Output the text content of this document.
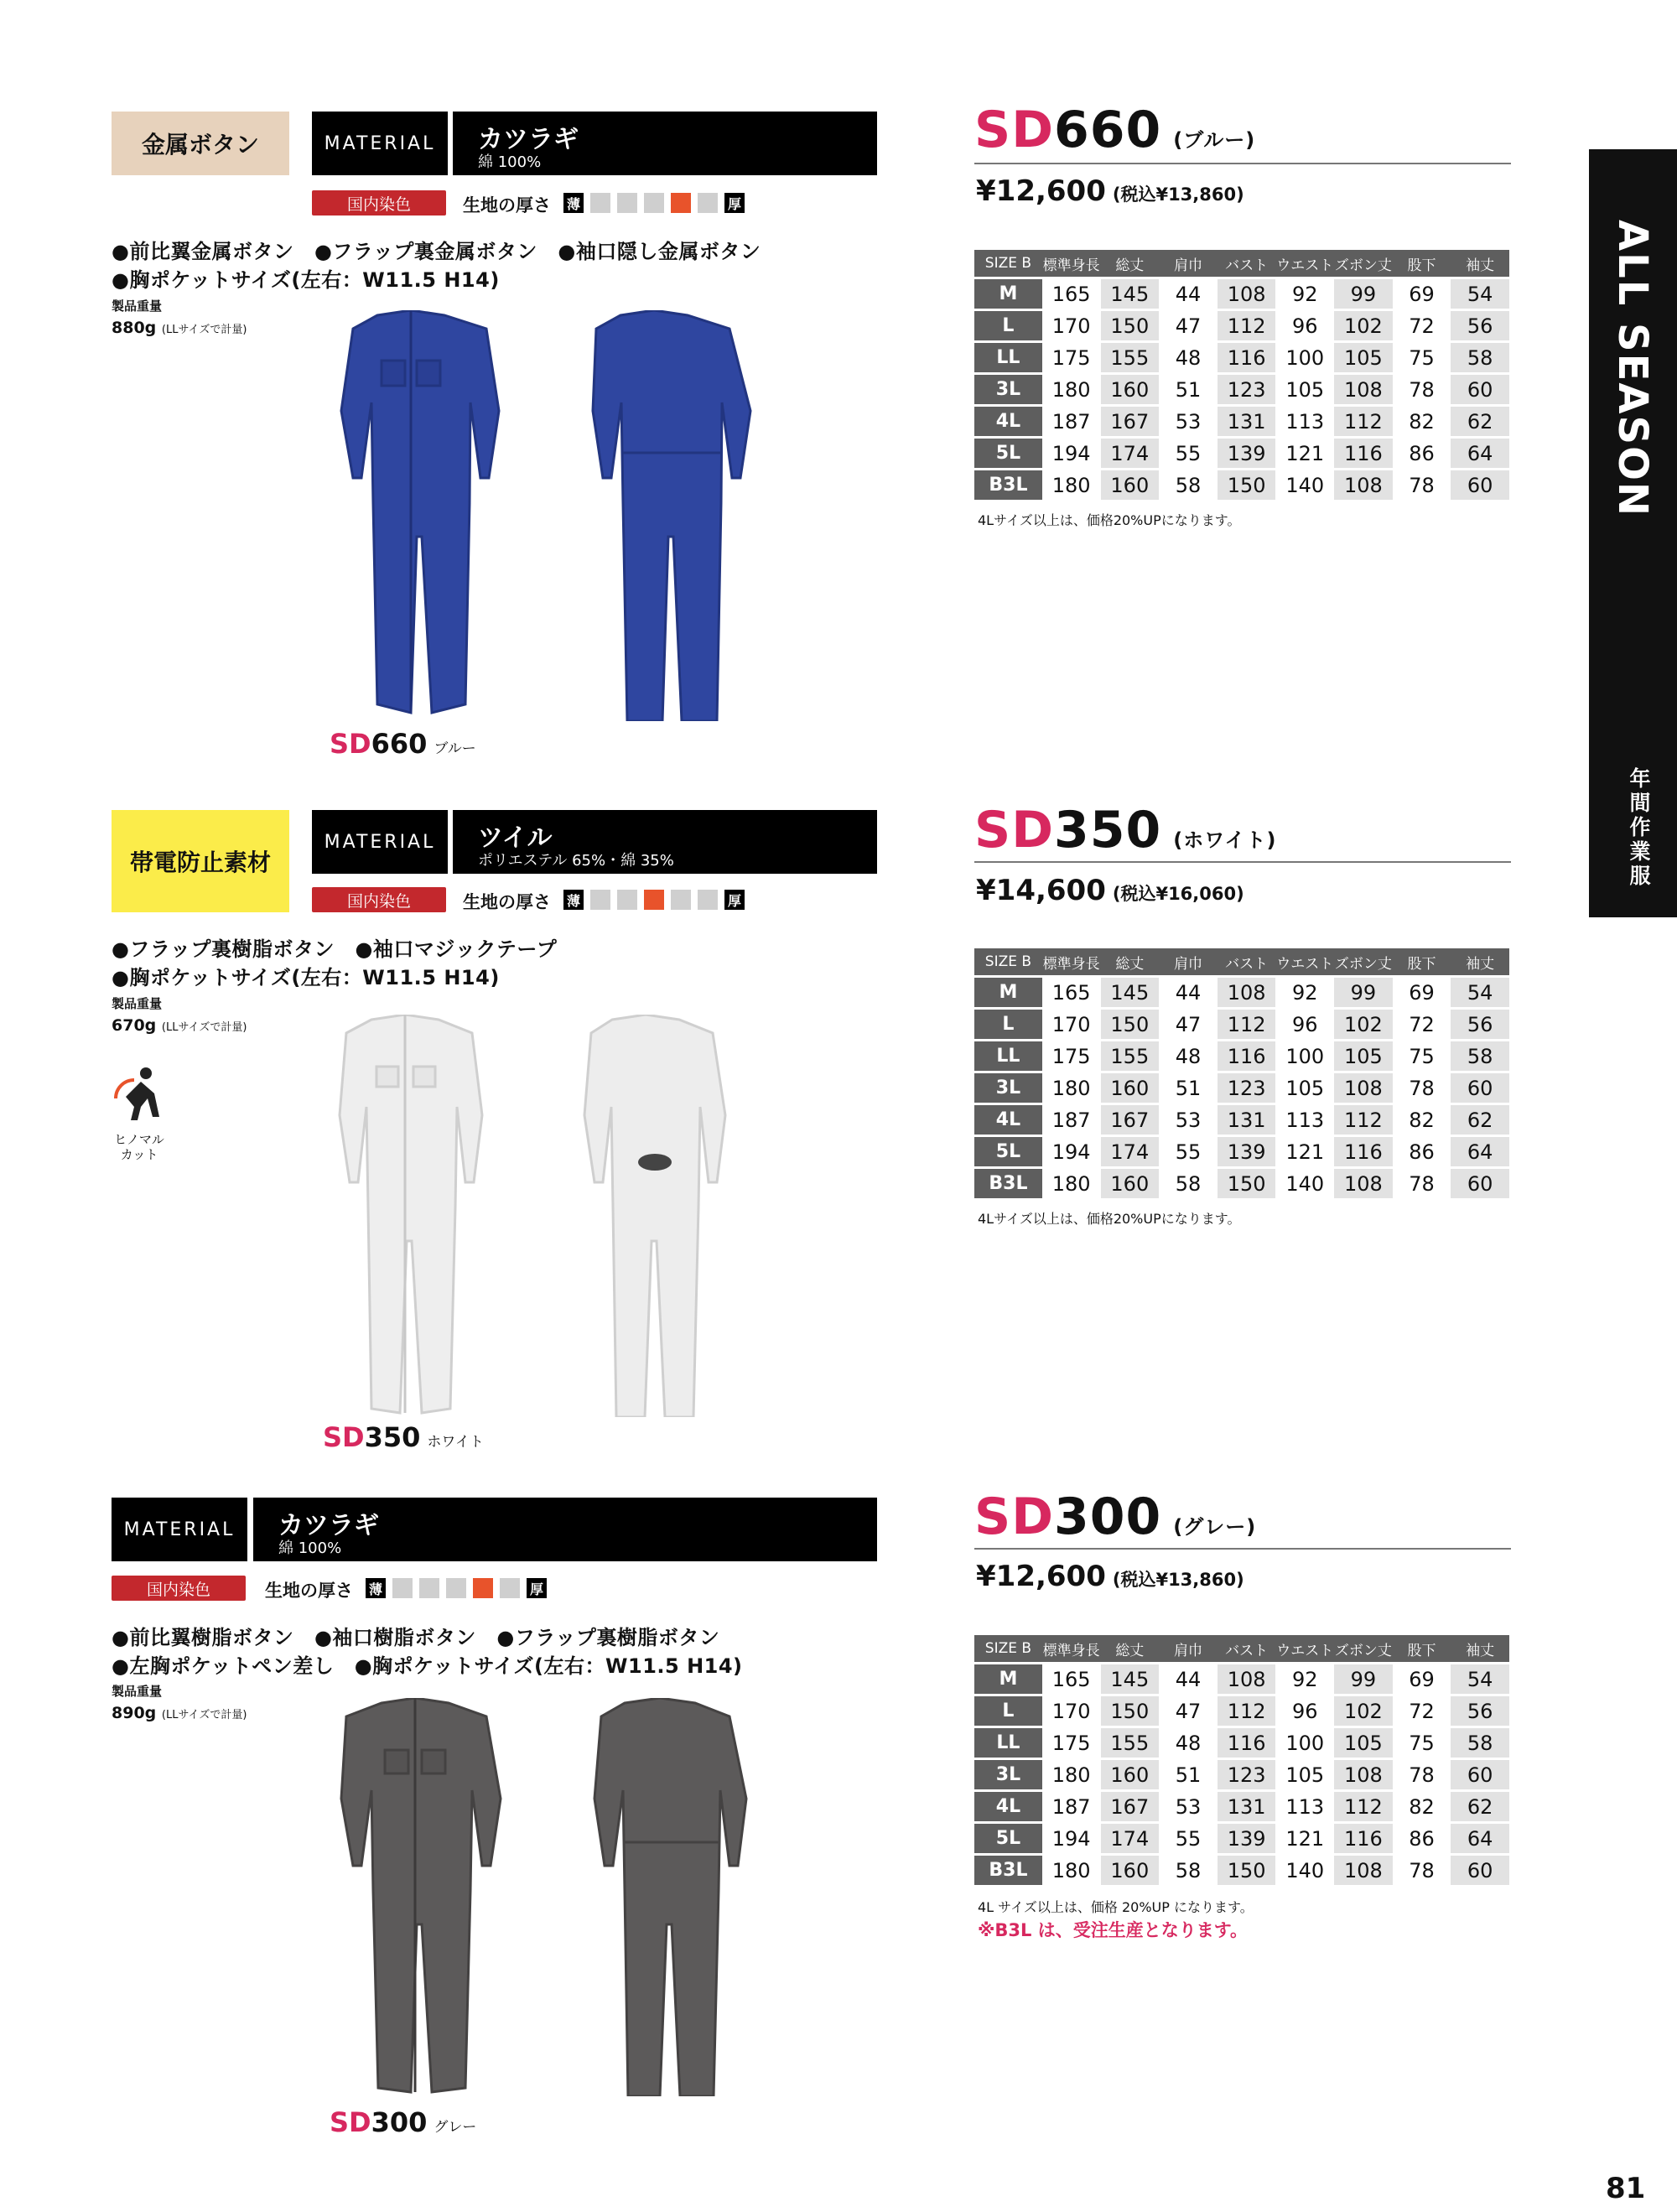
ALL SEASON
年間作業服
81
金属ボタン	MATERIAL	カツラギ
綿 100%
国内染色	生地の厚さ 薄	厚
●前比翼金属ボタン　●フラップ裏金属ボタン　●袖口隠し金属ボタン
●胸ポケットサイズ(左右：W11.5 H14)
製品重量
880g (LLサイズで計量)
SD660 ブルー
SD660 (ブルー)
¥12,600 (税込¥13,860)
SIZE B	標準身長	総丈	肩巾	バスト	ウエスト	ズボン丈	股下	袖丈
M	165	145	44	108	92	99	69	54
L	170	150	47	112	96	102	72	56
LL	175	155	48	116	100	105	75	58
3L	180	160	51	123	105	108	78	60
4L	187	167	53	131	113	112	82	62
5L	194	174	55	139	121	116	86	64
B3L	180	160	58	150	140	108	78	60
4Lサイズ以上は、価格20%UPになります。
帯電防止素材
MATERIAL	ツイル
ポリエステル 65%・綿 35%
国内染色	生地の厚さ 薄	厚
●フラップ裏樹脂ボタン　●袖口マジックテープ
●胸ポケットサイズ(左右：W11.5 H14)
製品重量
670g (LLサイズで計量)
ヒノマル
カット
SD350 ホワイト
SD350 (ホワイト)
¥14,600 (税込¥16,060)
SIZE B	標準身長	総丈	肩巾	バスト	ウエスト	ズボン丈	股下	袖丈
M	165	145	44	108	92	99	69	54
L	170	150	47	112	96	102	72	56
LL	175	155	48	116	100	105	75	58
3L	180	160	51	123	105	108	78	60
4L	187	167	53	131	113	112	82	62
5L	194	174	55	139	121	116	86	64
B3L	180	160	58	150	140	108	78	60
4Lサイズ以上は、価格20%UPになります。
MATERIAL	カツラギ
綿 100%
国内染色	生地の厚さ 薄	厚
●前比翼樹脂ボタン　●袖口樹脂ボタン　●フラップ裏樹脂ボタン
●左胸ポケットペン差し　●胸ポケットサイズ(左右：W11.5 H14)
製品重量
890g (LLサイズで計量)
SD300 グレー
SD300 (グレー)
¥12,600 (税込¥13,860)
SIZE B	標準身長	総丈	肩巾	バスト	ウエスト	ズボン丈	股下	袖丈
M	165	145	44	108	92	99	69	54
L	170	150	47	112	96	102	72	56
LL	175	155	48	116	100	105	75	58
3L	180	160	51	123	105	108	78	60
4L	187	167	53	131	113	112	82	62
5L	194	174	55	139	121	116	86	64
B3L	180	160	58	150	140	108	78	60
4L サイズ以上は、価格 20%UP になります。
※B3L は、受注生産となります。
